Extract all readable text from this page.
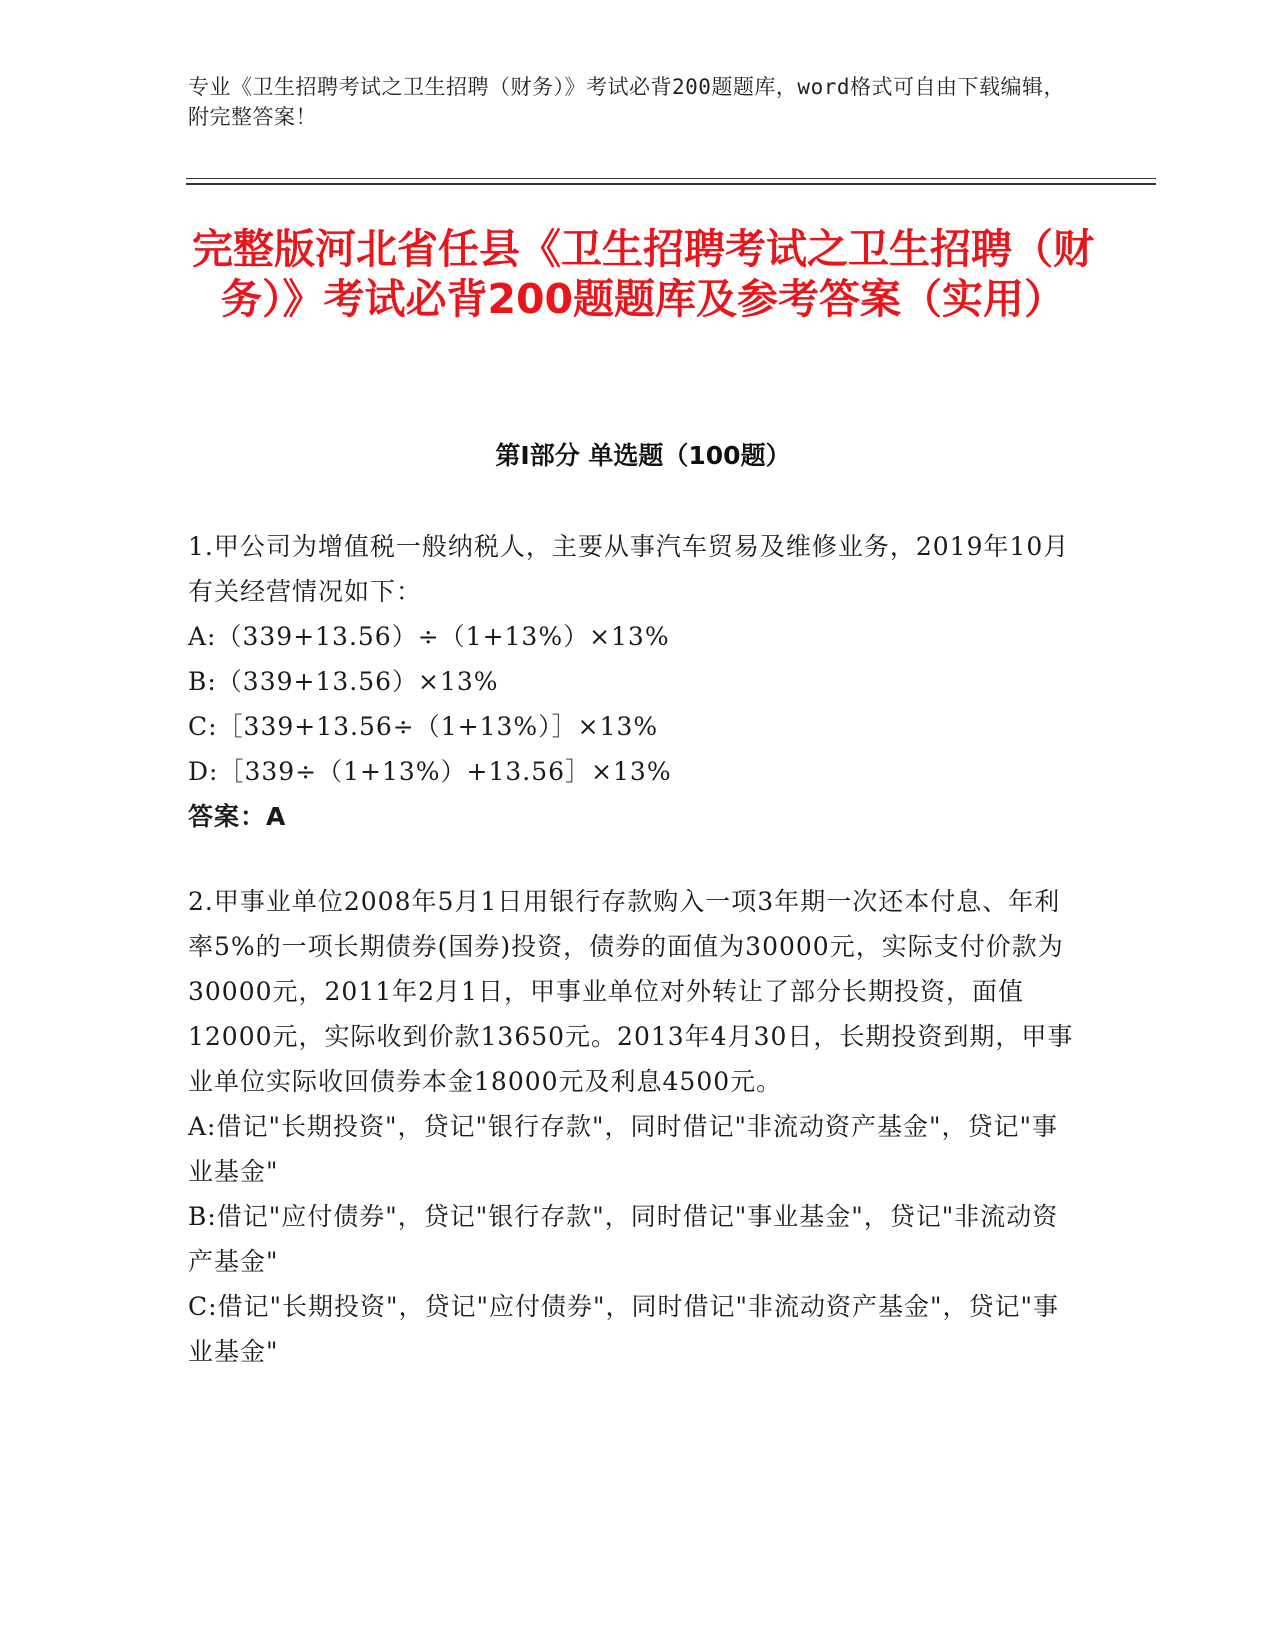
专业《卫生招聘考试之卫生招聘（财务）》考试必背200题题库，word格式可自由下载编辑，附完整答案！
完整版河北省任县《卫生招聘考试之卫生招聘（财务）》考试必背200题题库及参考答案（实用）
第Ⅰ部分 单选题（100题）

1.甲公司为增值税一般纳税人，主要从事汽车贸易及维修业务，2019年10月有关经营情况如下：

A:（339+13.56）÷（1+13%）×13%

B:（339+13.56）×13%

C:［339+13.56÷（1+13%）］×13%

D:［339÷（1+13%）+13.56］×13%

答案：A

2.甲事业单位2008年5月1日用银行存款购入一项3年期一次还本付息、年利率5%的一项长期债券(国券)投资，债券的面值为30000元，实际支付价款为30000元，2011年2月1日，甲事业单位对外转让了部分长期投资，面值12000元，实际收到价款13650元。2013年4月30日，长期投资到期，甲事业单位实际收回债券本金18000元及利息4500元。

A:借记"长期投资"，贷记"银行存款"，同时借记"非流动资产基金"，贷记"事业基金"

B:借记"应付债券"，贷记"银行存款"，同时借记"事业基金"，贷记"非流动资产基金"

C:借记"长期投资"，贷记"应付债券"，同时借记"非流动资产基金"，贷记"事业基金"
